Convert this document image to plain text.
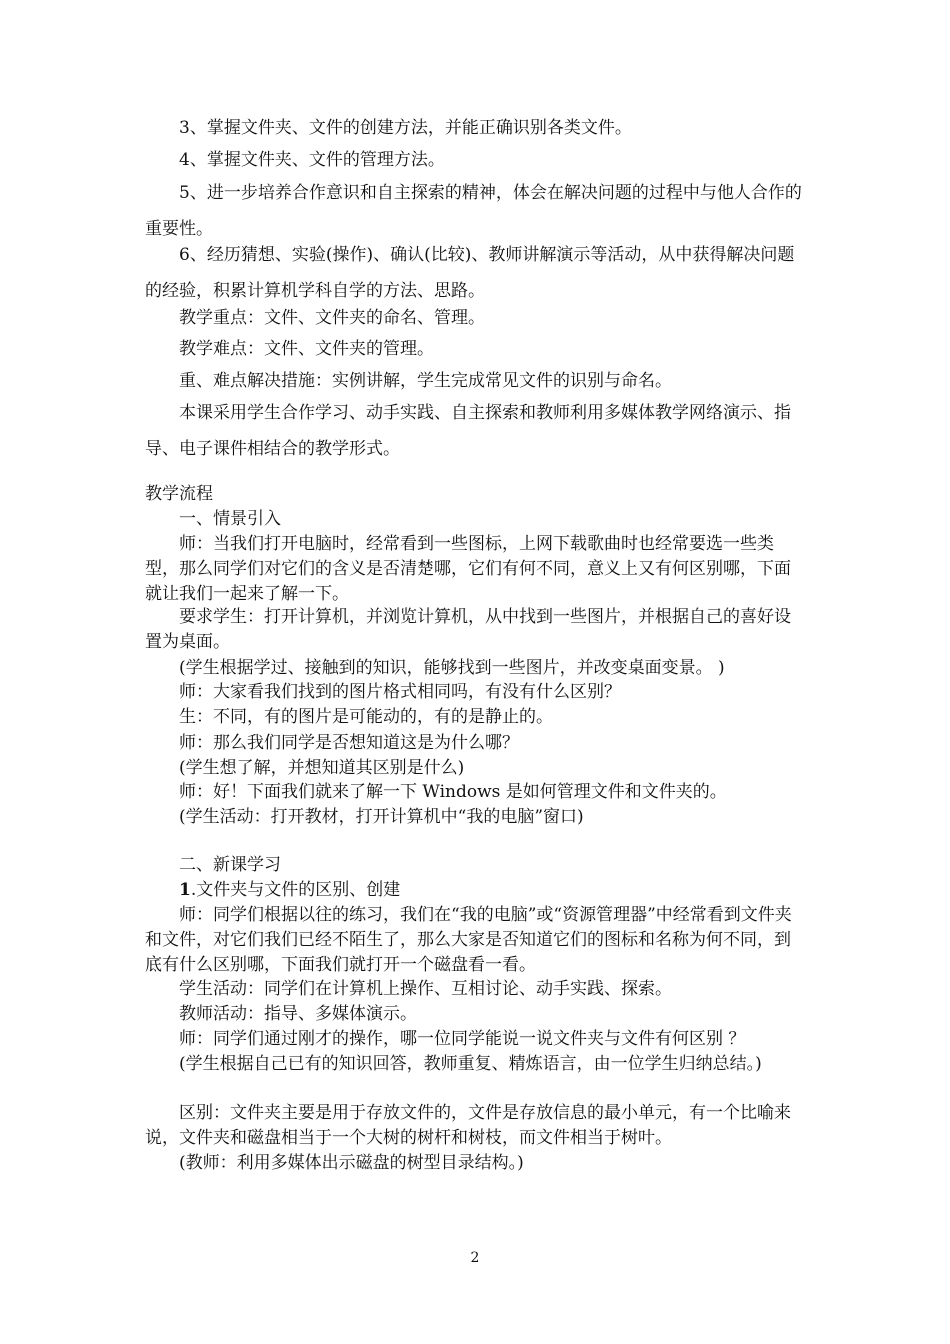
3、掌握文件夹、文件的创建方法，并能正确识别各类文件。

4、掌握文件夹、文件的管理方法。

5、进一步培养合作意识和自主探索的精神，体会在解决问题的过程中与他人合作的重要性。

6、经历猜想、实验(操作)、确认(比较)、教师讲解演示等活动，从中获得解决问题的经验，积累计算机学科自学的方法、思路。

教学重点：文件、文件夹的命名、管理。

教学难点：文件、文件夹的管理。

重、难点解决措施：实例讲解，学生完成常见文件的识别与命名。

本课采用学生合作学习、动手实践、自主探索和教师利用多媒体教学网络演示、指导、电子课件相结合的教学形式。

教学流程

一、情景引入

师：当我们打开电脑时，经常看到一些图标，上网下载歌曲时也经常要选一些类型，那么同学们对它们的含义是否清楚哪，它们有何不同，意义上又有何区别哪，下面就让我们一起来了解一下。

要求学生：打开计算机，并浏览计算机，从中找到一些图片，并根据自己的喜好设置为桌面。

(学生根据学过、接触到的知识，能够找到一些图片，并改变桌面变景。 )

师：大家看我们找到的图片格式相同吗，有没有什么区别？

生：不同，有的图片是可能动的，有的是静止的。

师：那么我们同学是否想知道这是为什么哪？

(学生想了解，并想知道其区别是什么)

师：好！下面我们就来了解一下 Windows 是如何管理文件和文件夹的。

(学生活动：打开教材，打开计算机中“我的电脑”窗口)

二、新课学习

1.文件夹与文件的区别、创建

师：同学们根据以往的练习，我们在“我的电脑”或“资源管理器”中经常看到文件夹和文件，对它们我们已经不陌生了，那么大家是否知道它们的图标和名称为何不同，到底有什么区别哪，下面我们就打开一个磁盘看一看。

学生活动：同学们在计算机上操作、互相讨论、动手实践、探索。

教师活动：指导、多媒体演示。

师：同学们通过刚才的操作，哪一位同学能说一说文件夹与文件有何区别 ？

(学生根据自己已有的知识回答，教师重复、精炼语言，由一位学生归纳总结。)

区别：文件夹主要是用于存放文件的，文件是存放信息的最小单元，有一个比喻来说，文件夹和磁盘相当于一个大树的树杆和树枝，而文件相当于树叶。

(教师：利用多媒体出示磁盘的树型目录结构。)

2
